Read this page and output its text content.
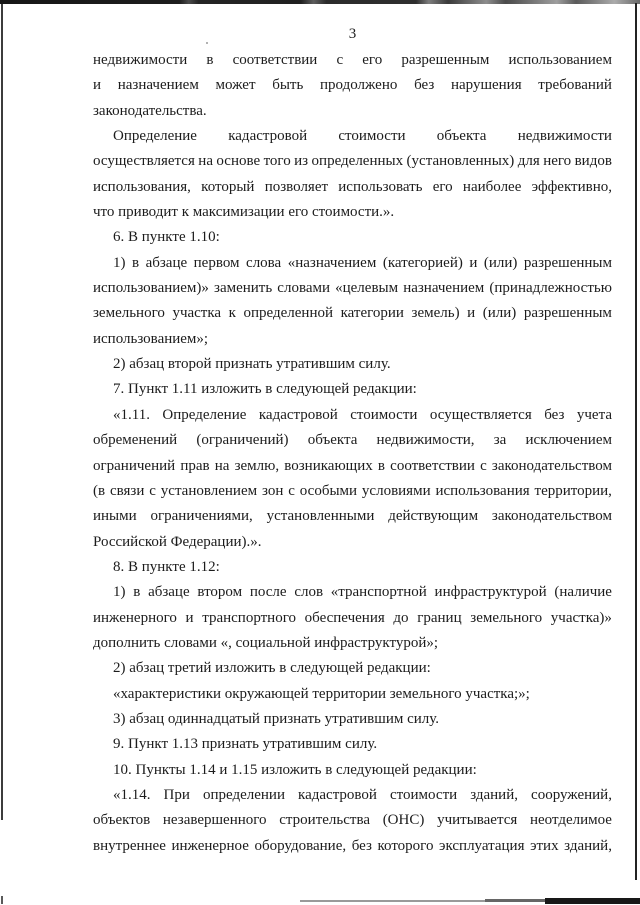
3
недвижимости в соответствии с его разрешенным использованием
и назначением может быть продолжено без нарушения требований
законодательства.
Определение кадастровой стоимости объекта недвижимости
осуществляется на основе того из определенных (установленных) для него видов
использования, который позволяет использовать его наиболее эффективно,
что приводит к максимизации его стоимости.».
6. В пункте 1.10:
1) в абзаце первом слова «назначением (категорией) и (или) разрешенным
использованием)» заменить словами «целевым назначением (принадлежностью
земельного участка к определенной категории земель) и (или) разрешенным
использованием»;
2) абзац второй признать утратившим силу.
7. Пункт 1.11 изложить в следующей редакции:
«1.11. Определение кадастровой стоимости осуществляется без учета
обременений (ограничений) объекта недвижимости, за исключением
ограничений прав на землю, возникающих в соответствии с законодательством
(в связи с установлением зон с особыми условиями использования территории,
иными ограничениями, установленными действующим законодательством
Российской Федерации).».
8. В пункте 1.12:
1) в абзаце втором после слов «транспортной инфраструктурой (наличие
инженерного и транспортного обеспечения до границ земельного участка)»
дополнить словами «, социальной инфраструктурой»;
2) абзац третий изложить в следующей редакции:
«характеристики окружающей территории земельного участка;»;
3) абзац одиннадцатый признать утратившим силу.
9. Пункт 1.13 признать утратившим силу.
10. Пункты 1.14 и 1.15 изложить в следующей редакции:
«1.14. При определении кадастровой стоимости зданий, сооружений,
объектов незавершенного строительства (ОНС) учитывается неотделимое
внутреннее инженерное оборудование, без которого эксплуатация этих зданий,
